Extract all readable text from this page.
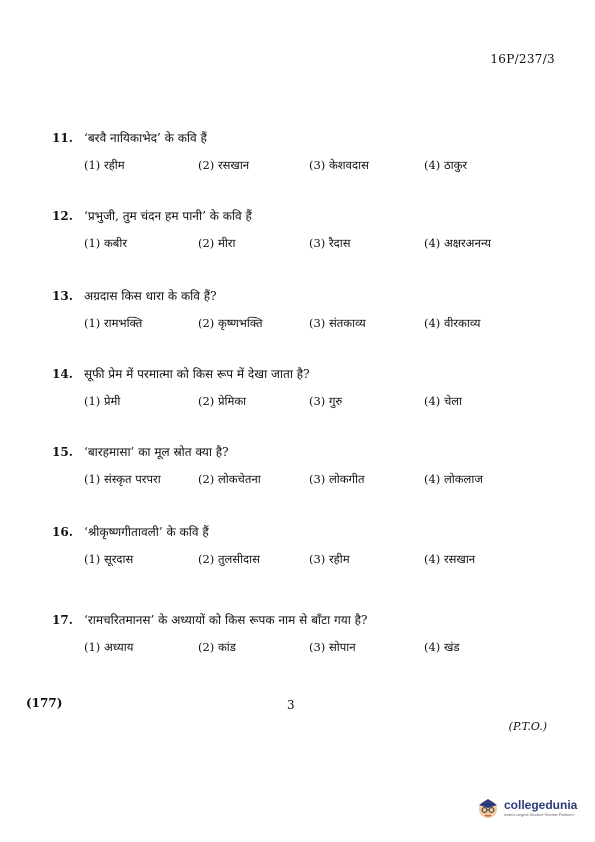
16P/237/3
11. ‘बरवै नायिकाभेद’ के कवि हैं
(1) रहीम	(2) रसखान	(3) केशवदास	(4) ठाकुर
12. ‘प्रभुजी, तुम चंदन हम पानी’ के कवि हैं
(1) कबीर	(2) मीरा	(3) रैदास	(4) अक्षरअनन्य
13. अग्रदास किस धारा के कवि हैं?
(1) रामभक्ति	(2) कृष्णभक्ति	(3) संतकाव्य	(4) वीरकाव्य
14. सूफी प्रेम में परमात्मा को किस रूप में देखा जाता है?
(1) प्रेमी	(2) प्रेमिका	(3) गुरु	(4) चेला
15. ‘बारहमासा’ का मूल स्रोत क्या है?
(1) संस्कृत परपरा	(2) लोकचेतना	(3) लोकगीत	(4) लोकलाज
16. ‘श्रीकृष्णगीतावली’ के कवि हैं
(1) सूरदास	(2) तुलसीदास	(3) रहीम	(4) रसखान
17. ‘रामचरितमानस’ के अध्यायों को किस रूपक नाम से बाँटा गया है?
(1) अध्याय	(2) कांड	(3) सोपान	(4) खंड
(177)	3
(P.T.O.)
collegedunia
India's largest Student Review Platform
